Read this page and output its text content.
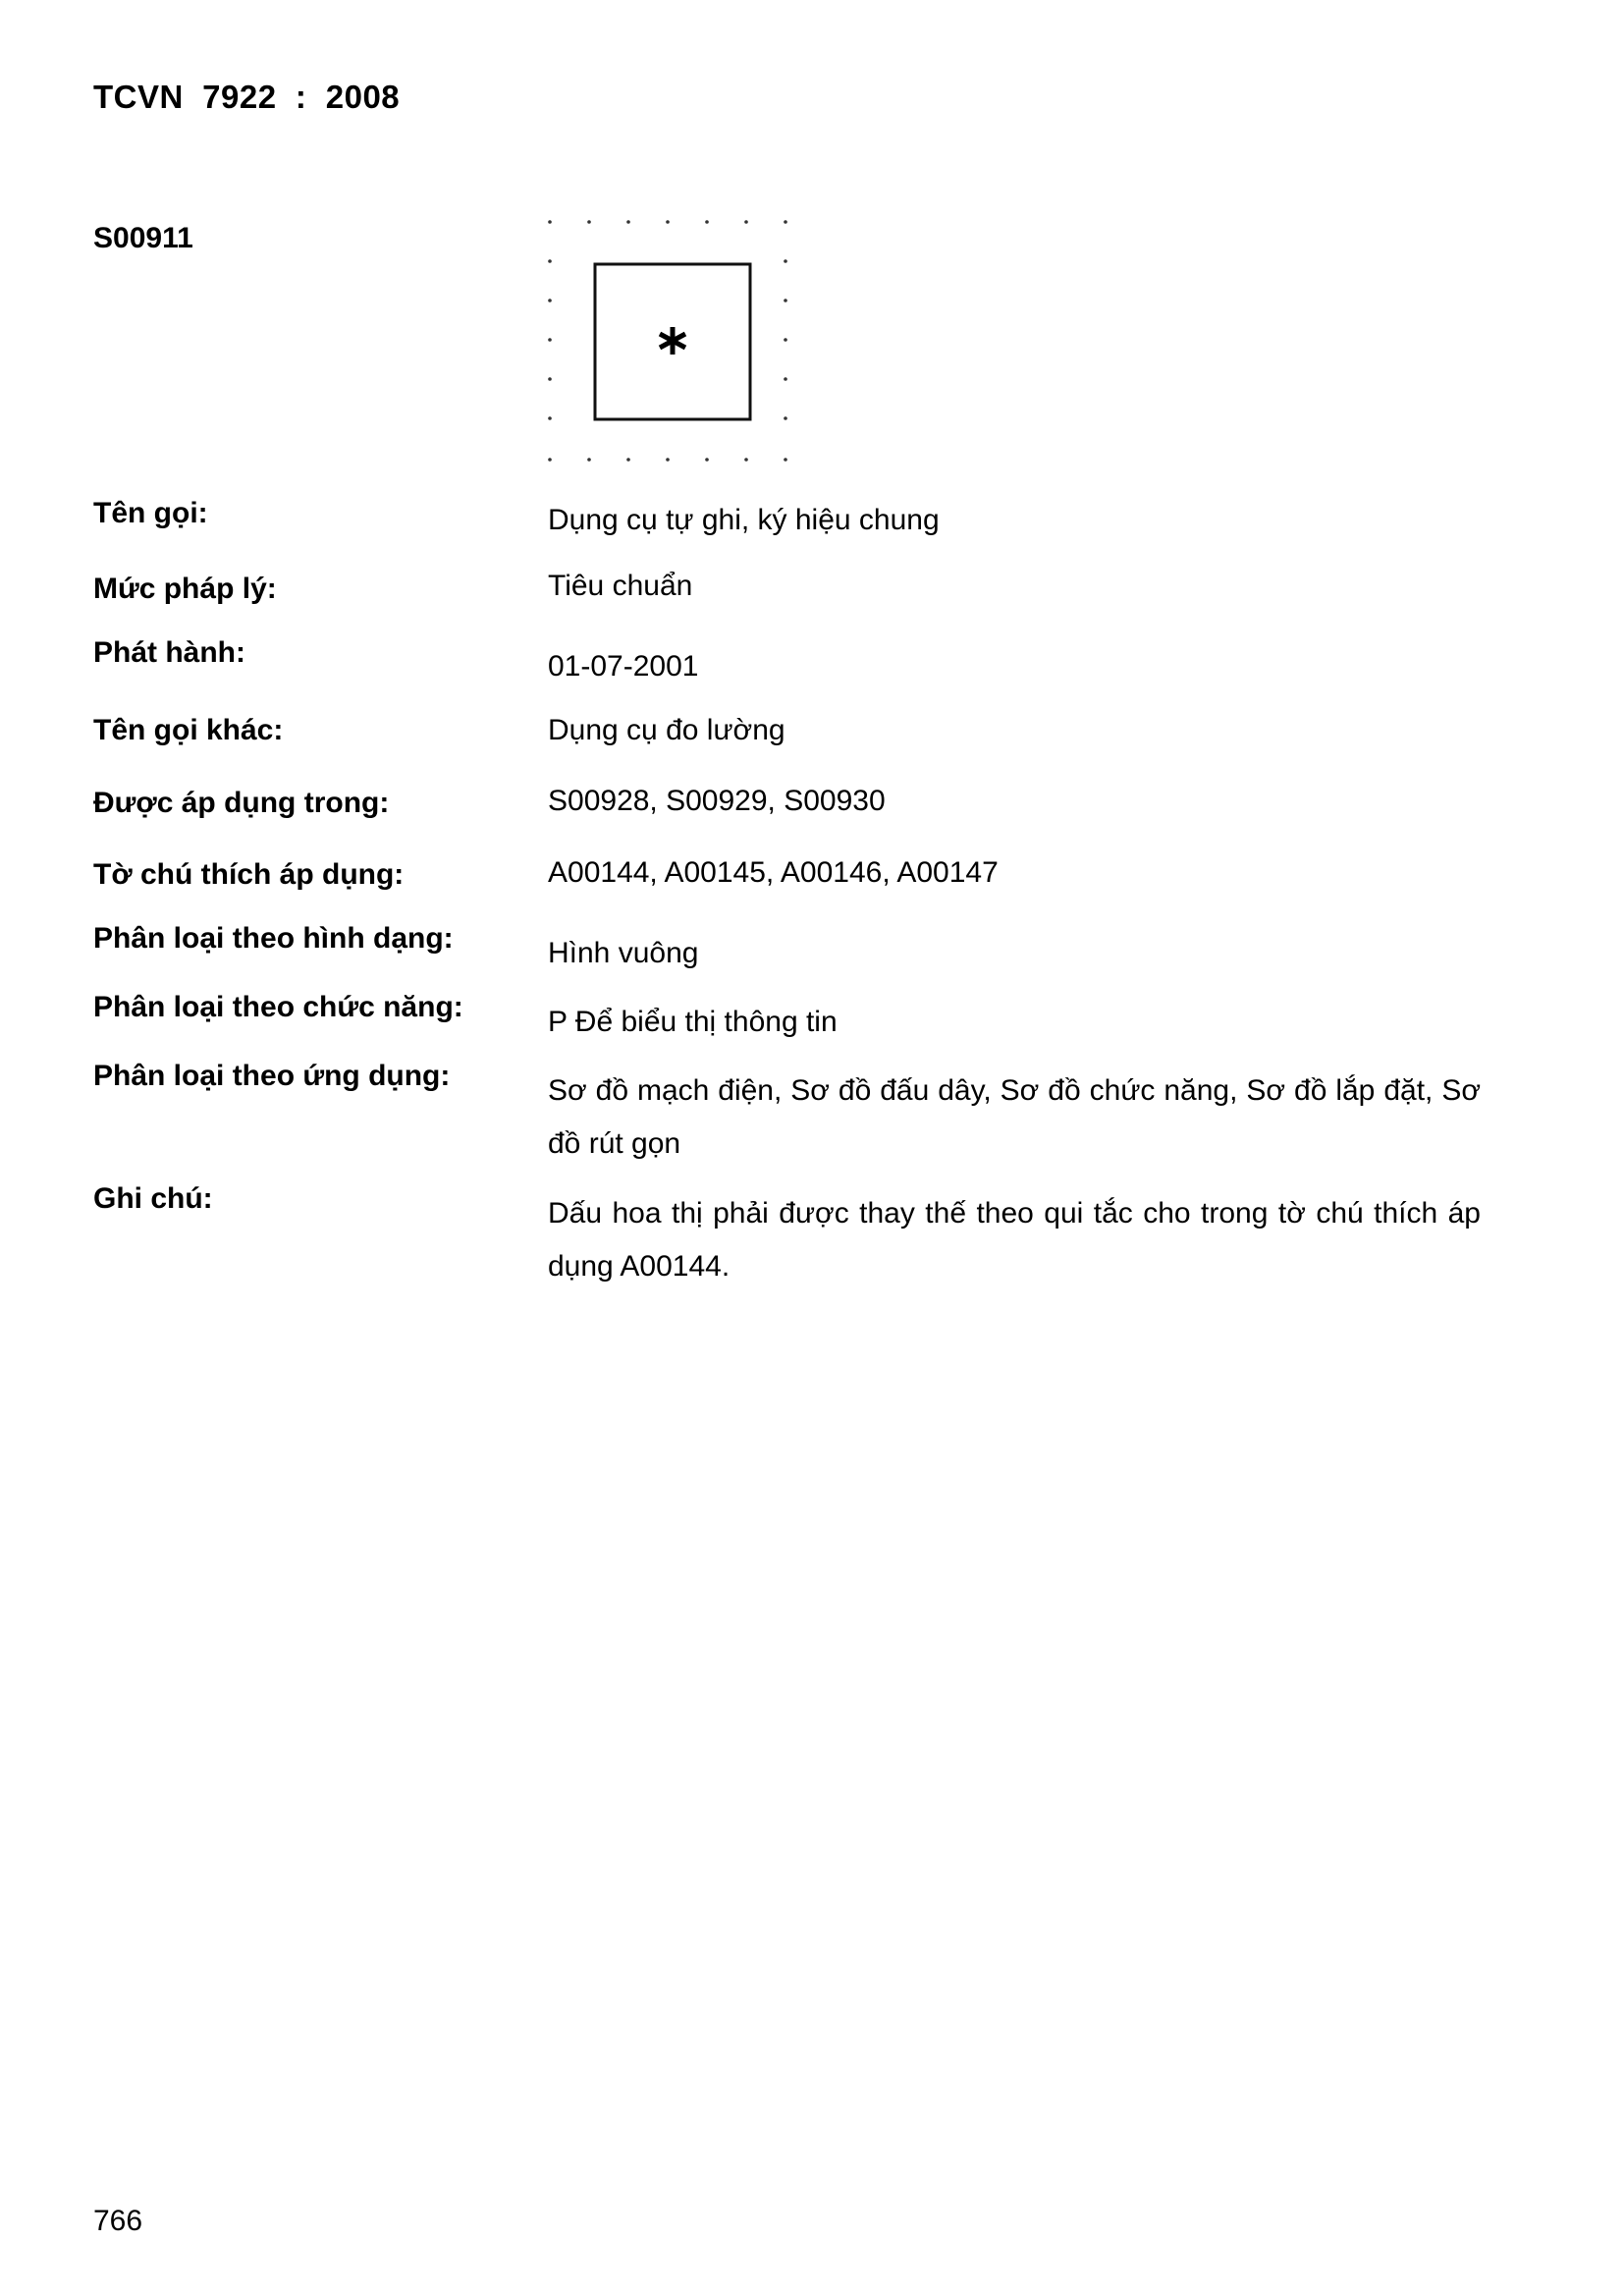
TCVN  7922  :  2008
S00911
Tên gọi:	Dụng cụ tự ghi, ký hiệu chung
Mức pháp lý:	Tiêu chuẩn
Phát hành:	01-07-2001
Tên gọi khác:	Dụng cụ đo lường
Được áp dụng trong:	S00928, S00929, S00930
Tờ chú thích áp dụng:	A00144, A00145, A00146, A00147
Phân loại theo hình dạng:	Hình vuông
Phân loại theo chức năng:	P Để biểu thị thông tin
Phân loại theo ứng dụng:	Sơ đồ mạch điện, Sơ đồ đấu dây, Sơ đồ chức năng, Sơ đồ lắp đặt, Sơ đồ rút gọn
Ghi chú:	Dấu hoa thị phải được thay thế theo qui tắc cho trong tờ chú thích áp dụng A00144.
766
